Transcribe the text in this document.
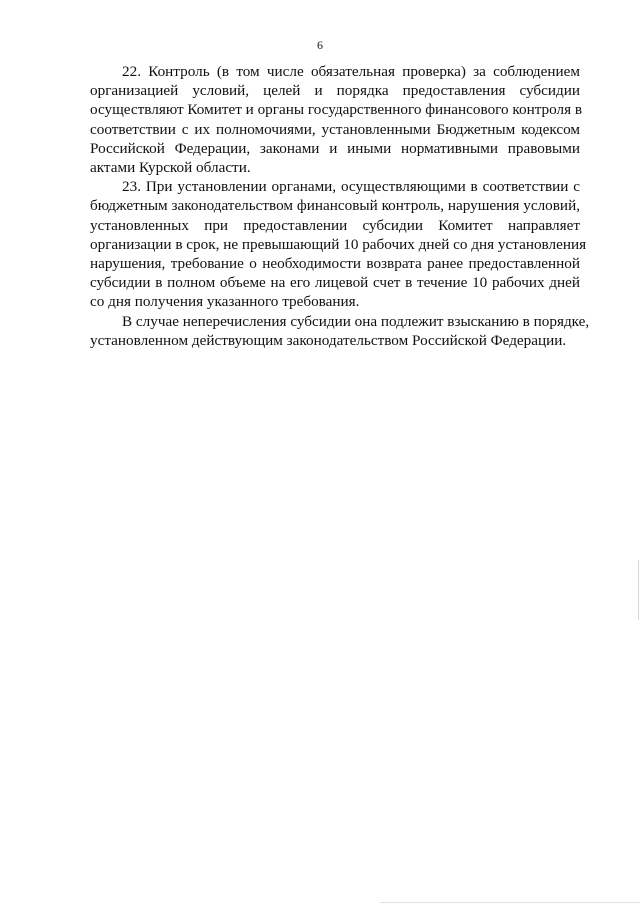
6
22. Контроль (в том числе обязательная проверка) за соблюдением
организацией условий, целей и порядка предоставления субсидии
осуществляют Комитет и органы государственного финансового контроля в
соответствии с их полномочиями, установленными Бюджетным кодексом
Российской Федерации, законами и иными нормативными правовыми
актами Курской области.
23. При установлении органами, осуществляющими в соответствии с
бюджетным законодательством финансовый контроль, нарушения условий,
установленных при предоставлении субсидии Комитет направляет
организации в срок, не превышающий 10 рабочих дней со дня установления
нарушения, требование о необходимости возврата ранее предоставленной
субсидии в полном объеме на его лицевой счет в течение 10 рабочих дней
со дня получения указанного требования.
В случае неперечисления субсидии она подлежит взысканию в порядке,
установленном действующим законодательством Российской Федерации.
